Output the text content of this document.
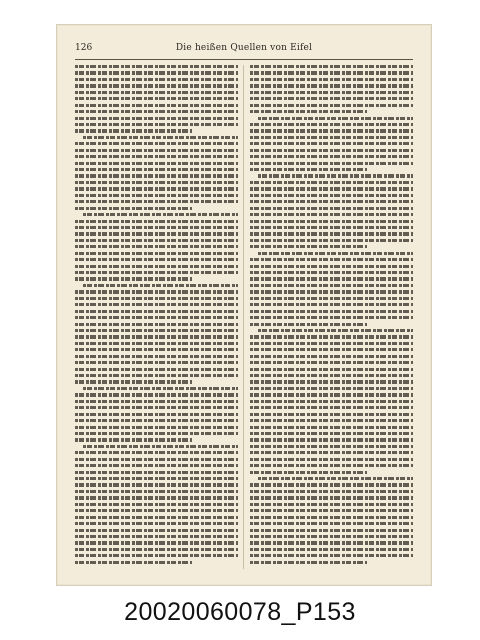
126	Die heißen Quellen von Eifel
20020060078_P153
